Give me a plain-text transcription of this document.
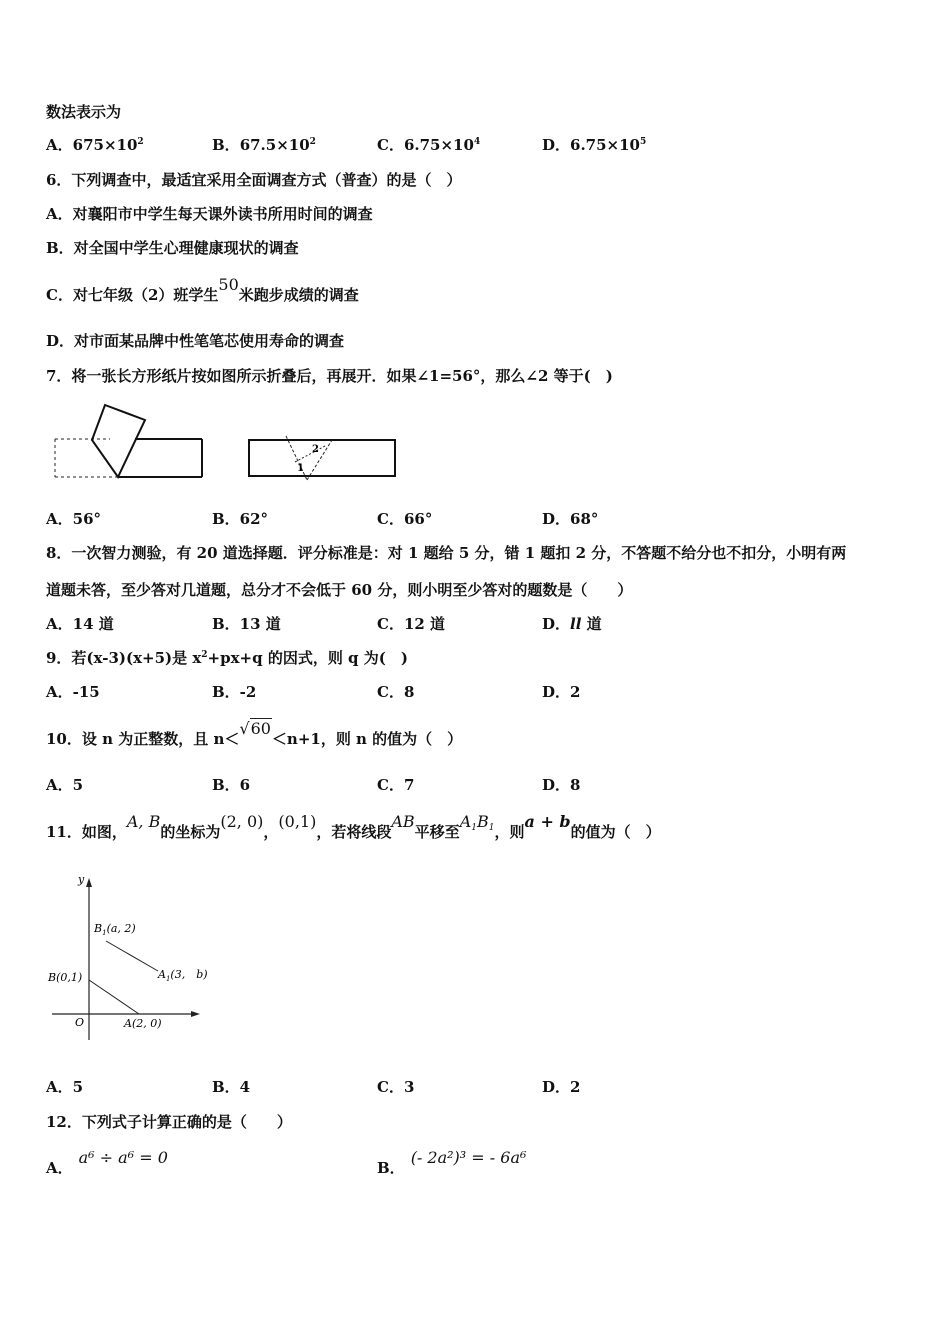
数法表示为
A．$675\times 10^2$	B．$67.5\times 10^2$	C．$6.75\times 10^4$	D．$6.75\times 10^5$
6．下列调查中，最适宜采用全面调查方式（普查）的是（　）
A．对襄阳市中学生每天课外读书所用时间的调查
B．对全国中学生心理健康现状的调查
C．对七年级（2）班学生50米跑步成绩的调查
D．对市面某品牌中性笔笔芯使用寿命的调查
7．将一张长方形纸片按如图所示折叠后，再展开．如果∠1=56°，那么∠2 等于(　)
1
2
A．56°	B．62°	C．66°	D．68°
8．一次智力测验，有 20 道选择题．评分标准是：对 1 题给 5 分，错 1 题扣 2 分，不答题不给分也不扣分，小明有两
道题未答，至少答对几道题，总分才不会低于 60 分，则小明至少答对的题数是（　　）
A．14 道	B．13 道	C．12 道	D．ll 道
9．若(x-3)(x+5)是 $x^2+px+q$ 的因式，则 q 为(　)
A．-15	B．-2	C．8	D．2
10．设 n 为正整数，且 n＜√60＜n+1，则 n 的值为（　）
A．5	B．6	C．7	D．8
11．如图，A, B的坐标为(2, 0)，(0,1)，若将线段AB平移至$A_1B_1$，则a + b的值为（　）
y
O
B(0,1)
A(2, 0)
$B_1(a$, 2)
$A_1(3$,　b)
A．5	B．4	C．3	D．2
12．下列式子计算正确的是（　　）
A．a⁶ ÷ a⁶ = 0
B．(- 2a²)³ = - 6a⁶
